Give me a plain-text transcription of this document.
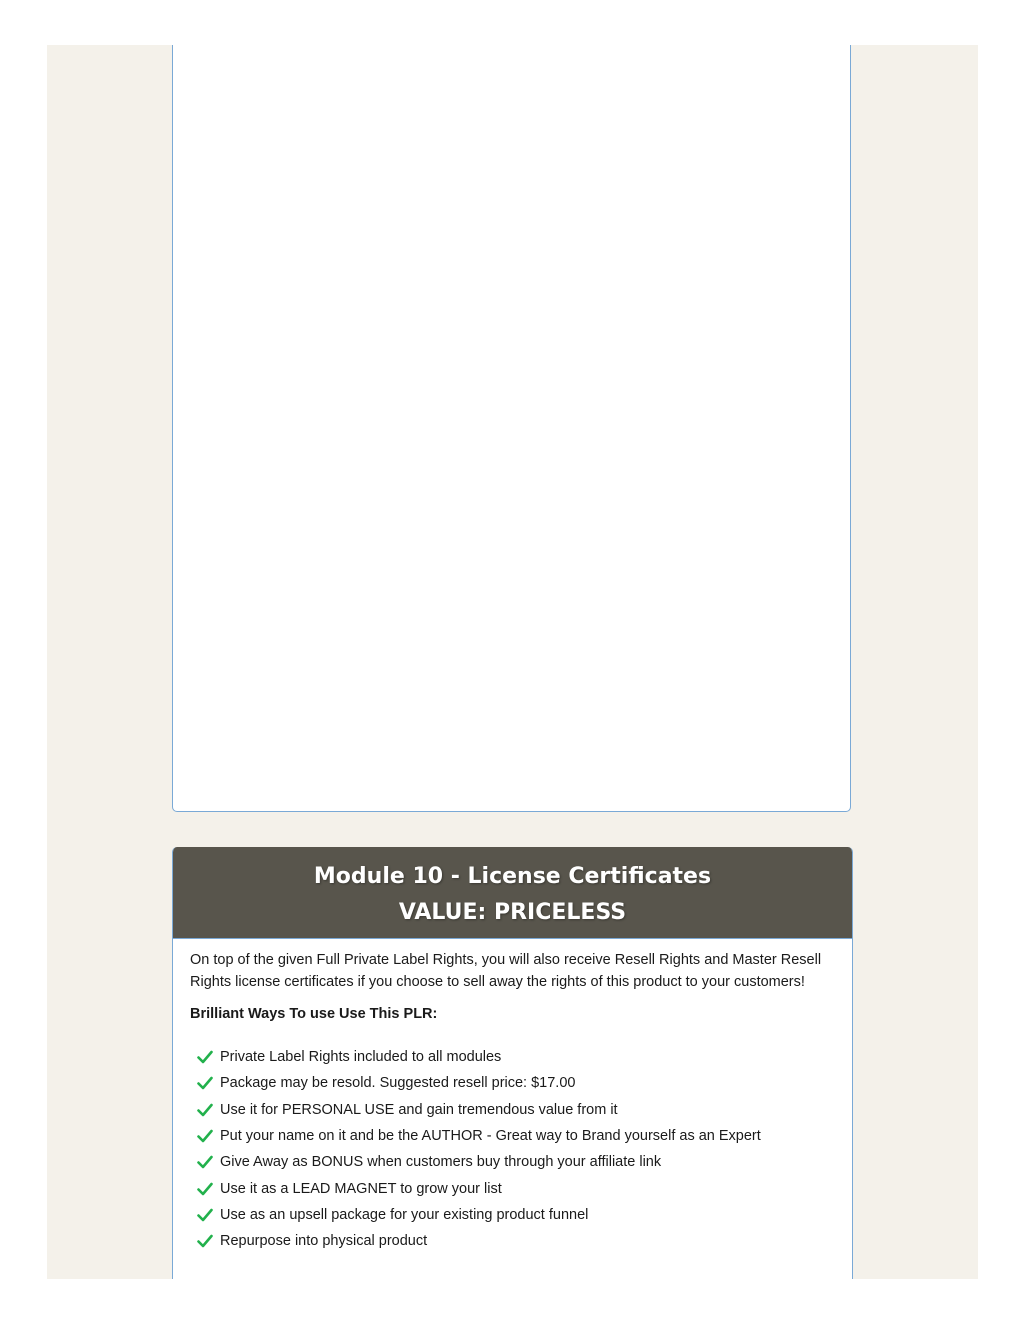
Module 10 - License Certificates
VALUE: PRICELESS

On top of the given Full Private Label Rights, you will also receive Resell Rights and Master Resell Rights license certificates if you choose to sell away the rights of this product to your customers!

Brilliant Ways To use Use This PLR:

Private Label Rights included to all modules
Package may be resold. Suggested resell price: $17.00
Use it for PERSONAL USE and gain tremendous value from it
Put your name on it and be the AUTHOR - Great way to Brand yourself as an Expert
Give Away as BONUS when customers buy through your affiliate link
Use it as a LEAD MAGNET to grow your list
Use as an upsell package for your existing product funnel
Repurpose into physical product
